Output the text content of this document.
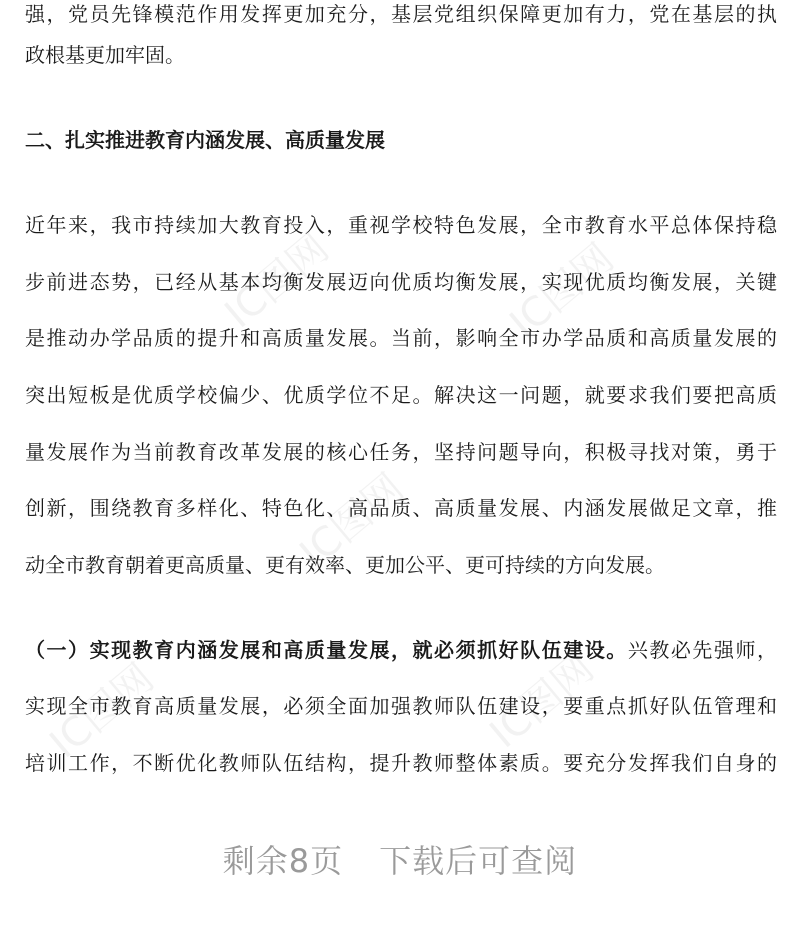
IC图网	IC图网
IC图网
IC图网	IC图网
强，党员先锋模范作用发挥更加充分，基层党组织保障更加有力，党在基层的执
政根基更加牢固。
二、扎实推进教育内涵发展、高质量发展
近年来，我市持续加大教育投入，重视学校特色发展，全市教育水平总体保持稳
步前进态势，已经从基本均衡发展迈向优质均衡发展，实现优质均衡发展，关键
是推动办学品质的提升和高质量发展。当前，影响全市办学品质和高质量发展的
突出短板是优质学校偏少、优质学位不足。解决这一问题，就要求我们要把高质
量发展作为当前教育改革发展的核心任务，坚持问题导向，积极寻找对策，勇于
创新，围绕教育多样化、特色化、高品质、高质量发展、内涵发展做足文章，推
动全市教育朝着更高质量、更有效率、更加公平、更可持续的方向发展。
（一）实现教育内涵发展和高质量发展，就必须抓好队伍建设。兴教必先强师，
实现全市教育高质量发展，必须全面加强教师队伍建设，要重点抓好队伍管理和
培训工作，不断优化教师队伍结构，提升教师整体素质。要充分发挥我们自身的
剩余8页 下载后可查阅
